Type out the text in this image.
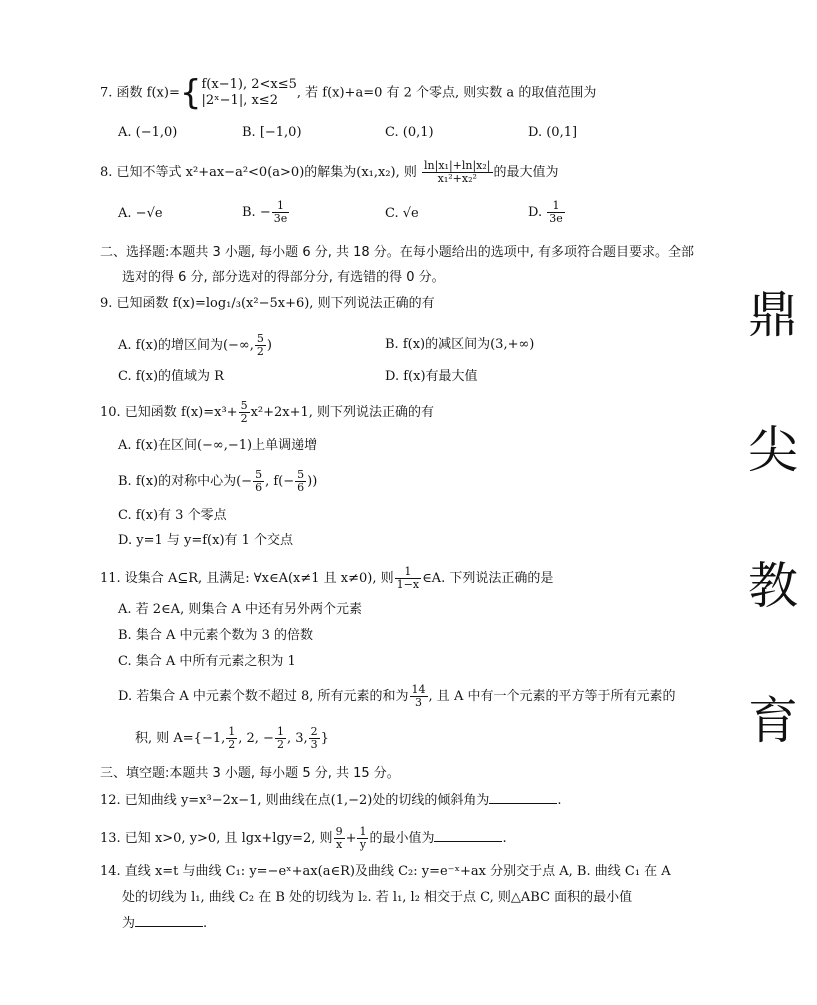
7. 函数 f(x)={ f(x−1), 2<x≤5
|2ˣ−1|, x≤2	, 若 f(x)+a=0 有 2 个零点, 则实数 a 的取值范围为
A. (−1,0)	B. [−1,0)	C. (0,1)	D. (0,1]
8. 已知不等式 x²+ax−a²<0(a>0)的解集为(x₁,x₂), 则 $\frac{\text{ln|x₁|+ln|x₂|}}{\text{x₁²+x₂²}}$ 的最大值为
A. −√e	B. − $\frac{1}{3e}$	C. √e	D. $\frac{1}{3e}$
二、选择题:本题共 3 小题, 每小题 6 分, 共 18 分。在每小题给出的选项中, 有多项符合题目要求。全部
选对的得 6 分, 部分选对的得部分分, 有选错的得 0 分。
9. 已知函数 f(x)=log₁/₃(x²−5x+6), 则下列说法正确的有
A. f(x)的增区间为(−∞, $\frac{5}{2}$ )	B. f(x)的减区间为(3,+∞)
C. f(x)的值域为 R	D. f(x)有最大值
10. 已知函数 $f(x)=x^3+ \frac{5}{2} x^2+2x+1$, 则下列说法正确的有
A. f(x)在区间(−∞,−1)上单调递增
B. f(x)的对称中心为(− $\frac{5}{6}$ , $f(- \frac{5}{6}$ ))
C. f(x)有 3 个零点
D. y=1 与 y=f(x)有 1 个交点
11. 设集合 A⊆R, 且满足: ∀x∈A(x≠1 且 x≠0), 则 $\frac{1}{1-x}$ ∈A. 下列说法正确的是
A. 若 2∈A, 则集合 A 中还有另外两个元素
B. 集合 A 中元素个数为 3 的倍数
C. 集合 A 中所有元素之积为 1
D. 若集合 A 中元素个数不超过 8, 所有元素的和为 $\frac{14}{3}$ , 且 A 中有一个元素的平方等于所有元素的
积, 则 A={−1, $\frac{1}{2}$ , 2, − $\frac{1}{2}$ , 3, $\frac{2}{3}$ }
三、填空题:本题共 3 小题, 每小题 5 分, 共 15 分。
12. 已知曲线 y=x³−2x−1, 则曲线在点(1,−2)处的切线的倾斜角为	.
13. 已知 x>0, y>0, 且 lgx+lgy=2, 则 $\frac{9}{x} + \frac{1}{y}$ 的最小值为	.
14. 直线 x=t 与曲线 C₁: y=−eˣ+ax(a∈R)及曲线 C₂: y=e⁻ˣ+ax 分别交于点 A, B. 曲线 C₁ 在 A
处的切线为 l₁, 曲线 C₂ 在 B 处的切线为 l₂. 若 l₁, l₂ 相交于点 C, 则△ABC 面积的最小值
为	.
鼎
尖
教
育
